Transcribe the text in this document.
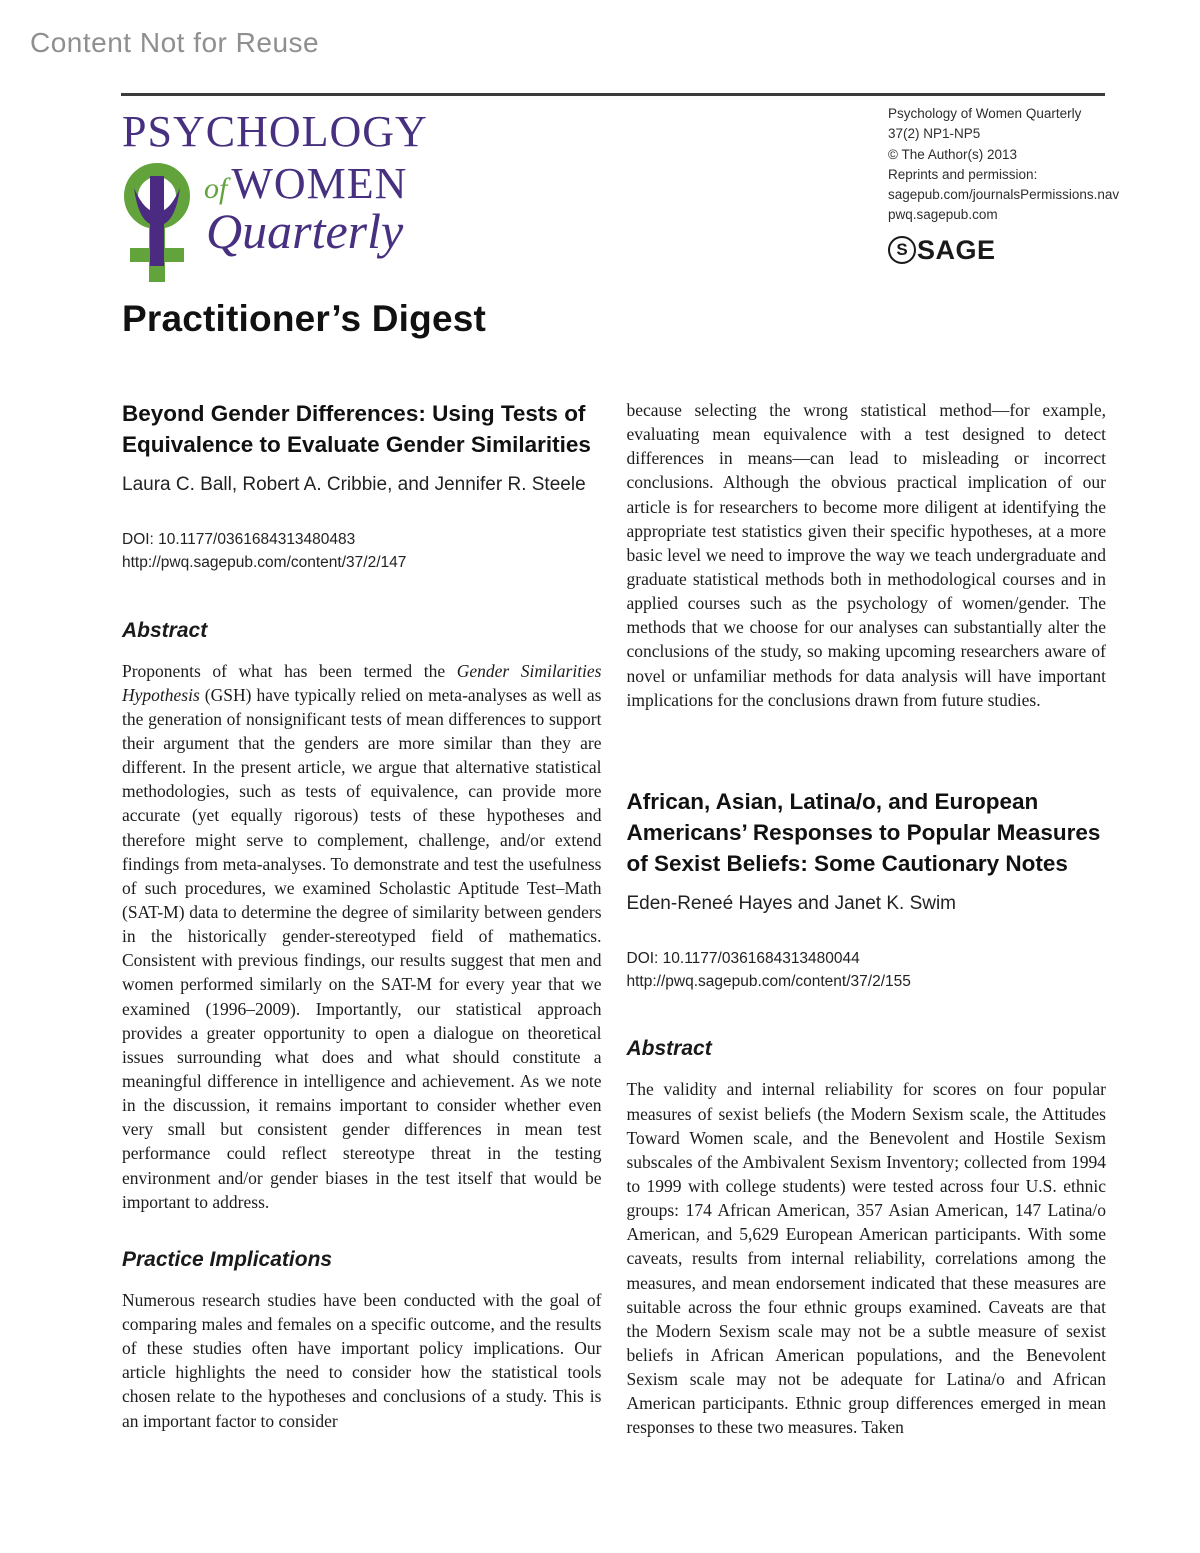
Content Not for Reuse
PSYCHOLOGY
ofWOMEN
Quarterly
Psychology of Women Quarterly
37(2) NP1-NP5
© The Author(s) 2013
Reprints and permission:
sagepub.com/journalsPermissions.nav
pwq.sagepub.com
S SAGE
Practitioner’s Digest
Beyond Gender Differences: Using Tests of Equivalence to Evaluate Gender Similarities

Laura C. Ball, Robert A. Cribbie, and Jennifer R. Steele

DOI: 10.1177/0361684313480483
http://pwq.sagepub.com/content/37/2/147
Abstract

Proponents of what has been termed the Gender Similarities Hypothesis (GSH) have typically relied on meta-analyses as well as the generation of nonsignificant tests of mean differences to support their argument that the genders are more similar than they are different. In the present article, we argue that alternative statistical methodologies, such as tests of equivalence, can provide more accurate (yet equally rigorous) tests of these hypotheses and therefore might serve to complement, challenge, and/or extend findings from meta-analyses. To demonstrate and test the usefulness of such procedures, we examined Scholastic Aptitude Test–Math (SAT-M) data to determine the degree of similarity between genders in the historically gender-stereotyped field of mathematics. Consistent with previous findings, our results suggest that men and women performed similarly on the SAT-M for every year that we examined (1996–2009). Importantly, our statistical approach provides a greater opportunity to open a dialogue on theoretical issues surrounding what does and what should constitute a meaningful difference in intelligence and achievement. As we note in the discussion, it remains important to consider whether even very small but consistent gender differences in mean test performance could reflect stereotype threat in the testing environment and/or gender biases in the test itself that would be important to address.

Practice Implications

Numerous research studies have been conducted with the goal of comparing males and females on a specific outcome, and the results of these studies often have important policy implications. Our article highlights the need to consider how the statistical tools chosen relate to the hypotheses and conclusions of a study. This is an important factor to consider

because selecting the wrong statistical method—for example, evaluating mean equivalence with a test designed to detect differences in means—can lead to misleading or incorrect conclusions. Although the obvious practical implication of our article is for researchers to become more diligent at identifying the appropriate test statistics given their specific hypotheses, at a more basic level we need to improve the way we teach undergraduate and graduate statistical methods both in methodological courses and in applied courses such as the psychology of women/gender. The methods that we choose for our analyses can substantially alter the conclusions of the study, so making upcoming researchers aware of novel or unfamiliar methods for data analysis will have important implications for the conclusions drawn from future studies.

African, Asian, Latina/o, and European Americans’ Responses to Popular Measures of Sexist Beliefs: Some Cautionary Notes

Eden-Reneé Hayes and Janet K. Swim

DOI: 10.1177/0361684313480044
http://pwq.sagepub.com/content/37/2/155
Abstract

The validity and internal reliability for scores on four popular measures of sexist beliefs (the Modern Sexism scale, the Attitudes Toward Women scale, and the Benevolent and Hostile Sexism subscales of the Ambivalent Sexism Inventory; collected from 1994 to 1999 with college students) were tested across four U.S. ethnic groups: 174 African American, 357 Asian American, 147 Latina/o American, and 5,629 European American participants. With some caveats, results from internal reliability, correlations among the measures, and mean endorsement indicated that these measures are suitable across the four ethnic groups examined. Caveats are that the Modern Sexism scale may not be a subtle measure of sexist beliefs in African American populations, and the Benevolent Sexism scale may not be adequate for Latina/o and African American participants. Ethnic group differences emerged in mean responses to these two measures. Taken
